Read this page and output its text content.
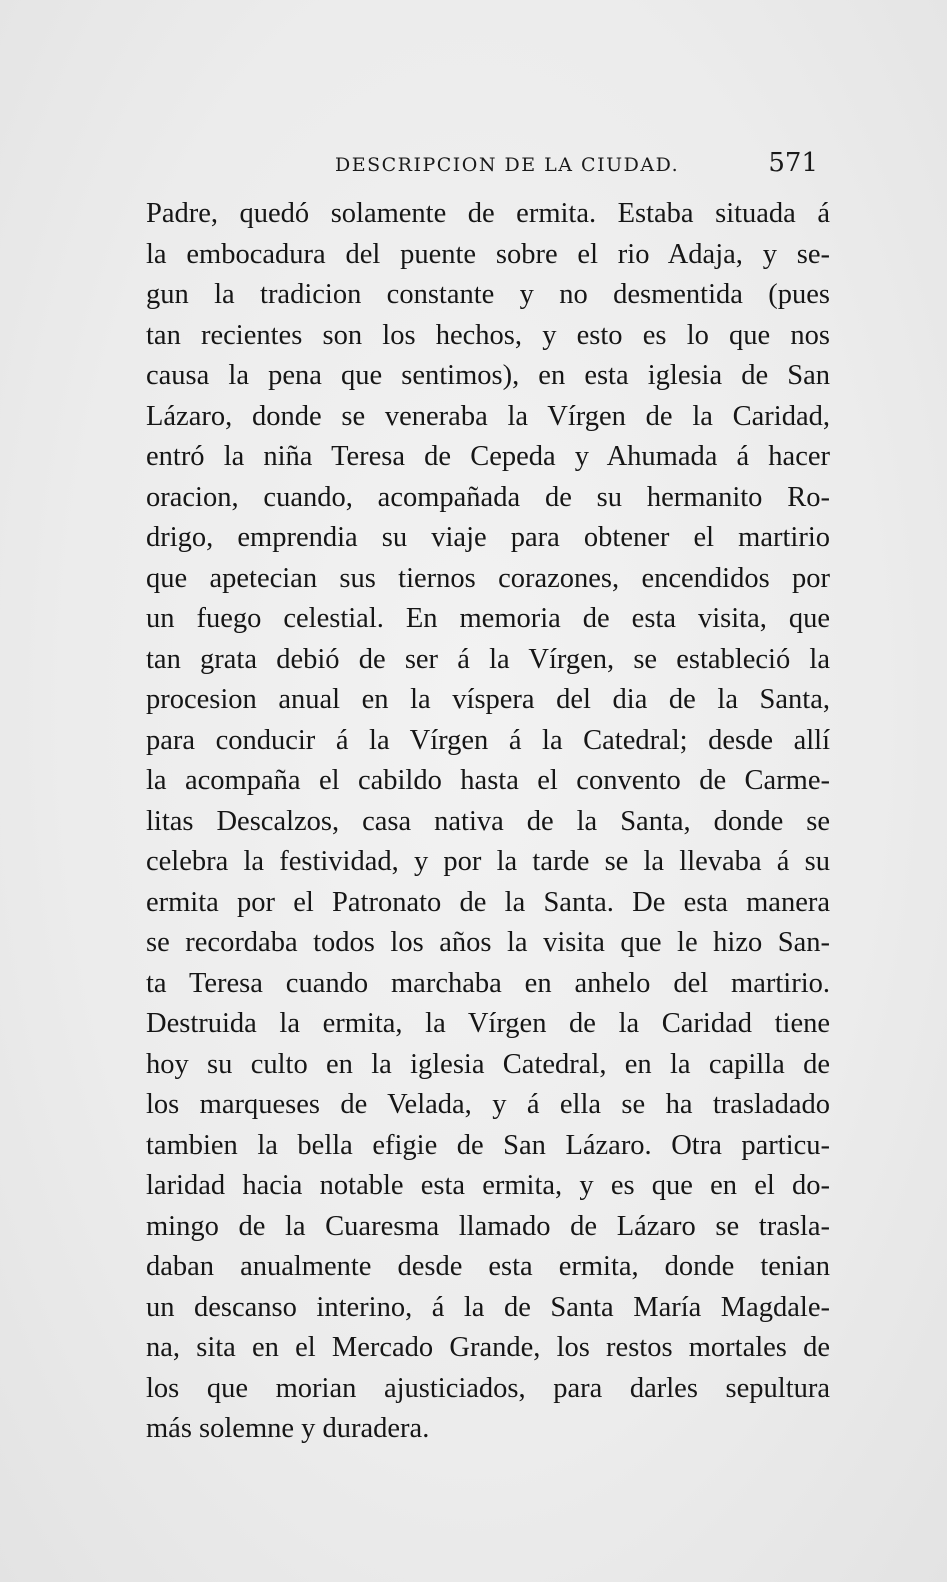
DESCRIPCION DE LA CIUDAD.	571
Padre, quedó solamente de ermita. Estaba situada á
la embocadura del puente sobre el rio Adaja, y se-
gun la tradicion constante y no desmentida (pues
tan recientes son los hechos, y esto es lo que nos
causa la pena que sentimos), en esta iglesia de San
Lázaro, donde se veneraba la Vírgen de la Caridad,
entró la niña Teresa de Cepeda y Ahumada á hacer
oracion, cuando, acompañada de su hermanito Ro-
drigo, emprendia su viaje para obtener el martirio
que apetecian sus tiernos corazones, encendidos por
un fuego celestial. En memoria de esta visita, que
tan grata debió de ser á la Vírgen, se estableció la
procesion anual en la víspera del dia de la Santa,
para conducir á la Vírgen á la Catedral; desde allí
la acompaña el cabildo hasta el convento de Carme-
litas Descalzos, casa nativa de la Santa, donde se
celebra la festividad, y por la tarde se la llevaba á su
ermita por el Patronato de la Santa. De esta manera
se recordaba todos los años la visita que le hizo San-
ta Teresa cuando marchaba en anhelo del martirio.
Destruida la ermita, la Vírgen de la Caridad tiene
hoy su culto en la iglesia Catedral, en la capilla de
los marqueses de Velada, y á ella se ha trasladado
tambien la bella efigie de San Lázaro. Otra particu-
laridad hacia notable esta ermita, y es que en el do-
mingo de la Cuaresma llamado de Lázaro se trasla-
daban anualmente desde esta ermita, donde tenian
un descanso interino, á la de Santa María Magdale-
na, sita en el Mercado Grande, los restos mortales de
los que morian ajusticiados, para darles sepultura
más solemne y duradera.
